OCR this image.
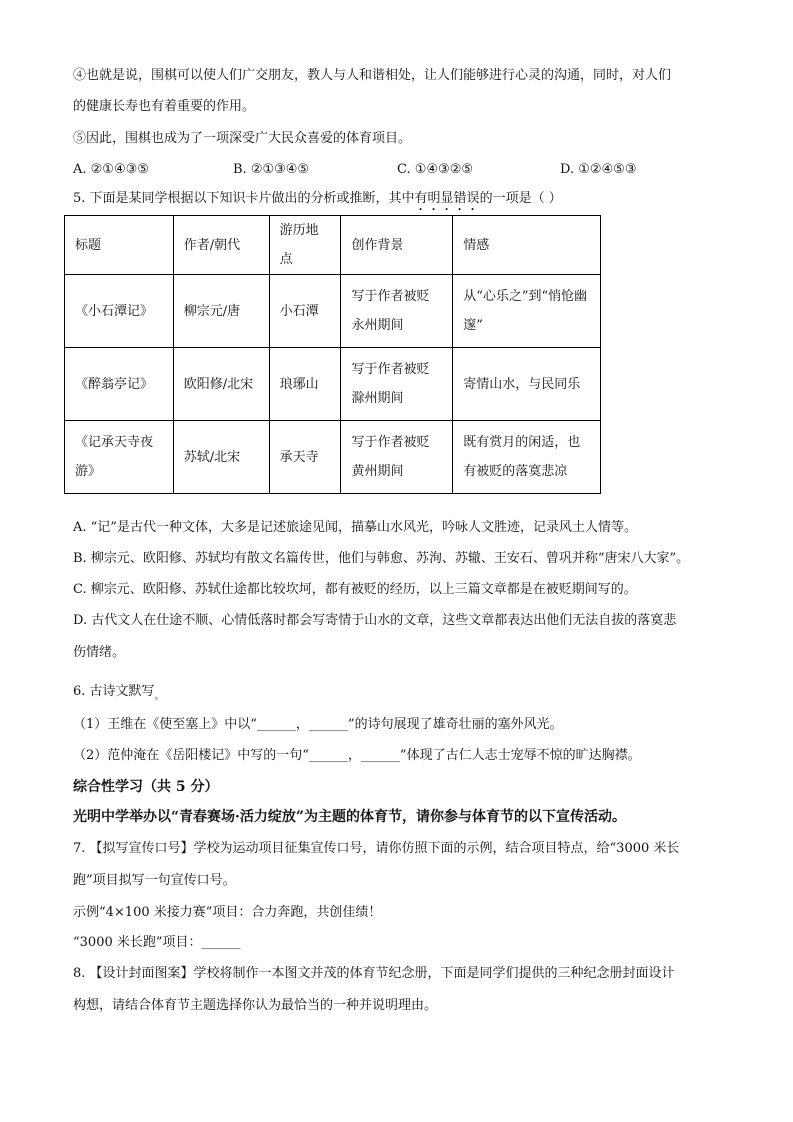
④也就是说，围棋可以使人们广交朋友，教人与人和谐相处，让人们能够进行心灵的沟通，同时，对人们
的健康长寿也有着重要的作用。
⑤因此，围棋也成为了一项深受广大民众喜爱的体育项目。
A. ②①④③⑤	B. ②①③④⑤	C. ①④③②⑤	D. ①②④⑤③
5. 下面是某同学根据以下知识卡片做出的分析或推断，其中有明显错误的一项是（ ）
标题	作者/朝代	游历地点	创作背景	情感
《小石潭记》	柳宗元/唐	小石潭	写于作者被贬永州期间	从“心乐之”到“悄怆幽邃”
《醉翁亭记》	欧阳修/北宋	琅琊山	写于作者被贬滁州期间	寄情山水，与民同乐
《记承天寺夜游》	苏轼/北宋	承天寺	写于作者被贬黄州期间	既有赏月的闲适，也有被贬的落寞悲凉
A. “记”是古代一种文体，大多是记述旅途见闻，描摹山水风光，吟咏人文胜迹，记录风土人情等。
B. 柳宗元、欧阳修、苏轼均有散文名篇传世，他们与韩愈、苏洵、苏辙、王安石、曾巩并称“唐宋八大家”。
C. 柳宗元、欧阳修、苏轼仕途都比较坎坷，都有被贬的经历，以上三篇文章都是在被贬期间写的。
D. 古代文人在仕途不顺、心情低落时都会写寄情于山水的文章，这些文章都表达出他们无法自拔的落寞悲
伤情绪。
6. 古诗文默写$_。$
（1）王维在《使至塞上》中以“______，______”的诗句展现了雄奇壮丽的塞外风光。
（2）范仲淹在《岳阳楼记》中写的一句“______，______”体现了古仁人志士宠辱不惊的旷达胸襟。
综合性学习（共 5 分）
光明中学举办以“青春赛场·活力绽放”为主题的体育节，请你参与体育节的以下宣传活动。
7. 【拟写宣传口号】学校为运动项目征集宣传口号，请你仿照下面的示例，结合项目特点，给“3000 米长
跑”项目拟写一句宣传口号。
示例“4×100 米接力赛”项目：合力奔跑，共创佳绩！
“3000 米长跑”项目：______
8. 【设计封面图案】学校将制作一本图文并茂的体育节纪念册，下面是同学们提供的三种纪念册封面设计
构想，请结合体育节主题选择你认为最恰当的一种并说明理由。
